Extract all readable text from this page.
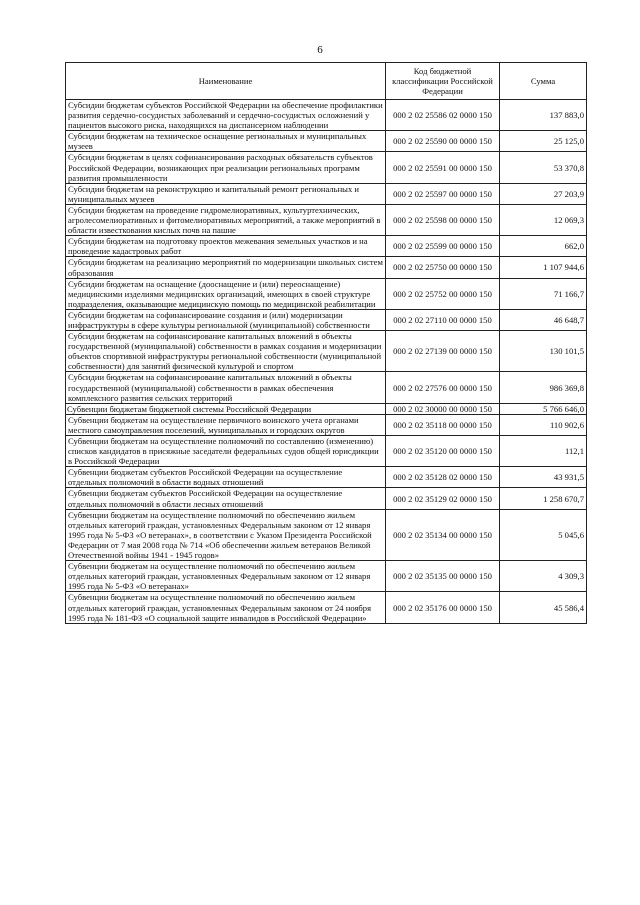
6
Наименование	Код бюджетной классификации Российской Федерации	Сумма
Субсидии бюджетам субъектов Российской Федерации на обеспечение профилактики развития сердечно-сосудистых заболеваний и сердечно-сосудистых осложнений у пациентов высокого риска, находящихся на диспансерном наблюдении	000 2 02 25586 02 0000 150	137 883,0
Субсидии бюджетам на техническое оснащение региональных и муниципальных музеев	000 2 02 25590 00 0000 150	25 125,0
Субсидии бюджетам в целях софинансирования расходных обязательств субъектов Российской Федерации, возникающих при реализации региональных программ развития промышленности	000 2 02 25591 00 0000 150	53 370,8
Субсидии бюджетам на реконструкцию и капитальный ремонт региональных и муниципальных музеев	000 2 02 25597 00 0000 150	27 203,9
Субсидии бюджетам на проведение гидромелиоративных, культуртехнических, агролесомелиоративных и фитомелиоративных мероприятий, а также мероприятий в области известкования кислых почв на пашне	000 2 02 25598 00 0000 150	12 069,3
Субсидии бюджетам на подготовку проектов межевания земельных участков и на проведение кадастровых работ	000 2 02 25599 00 0000 150	662,0
Субсидии бюджетам на реализацию мероприятий по модернизации школьных систем образования	000 2 02 25750 00 0000 150	1 107 944,6
Субсидии бюджетам на оснащение (дооснащение и (или) переоснащение) медицинскими изделиями медицинских организаций, имеющих в своей структуре подразделения, оказывающие медицинскую помощь по медицинской реабилитации	000 2 02 25752 00 0000 150	71 166,7
Субсидии бюджетам на софинансирование создания и (или) модернизации инфраструктуры в сфере культуры региональной (муниципальной) собственности	000 2 02 27110 00 0000 150	46 648,7
Субсидии бюджетам на софинансирование капитальных вложений в объекты государственной (муниципальной) собственности в рамках создания и модернизации объектов спортивной инфраструктуры региональной собственности (муниципальной собственности) для занятий физической культурой и спортом	000 2 02 27139 00 0000 150	130 101,5
Субсидии бюджетам на софинансирование капитальных вложений в объекты государственной (муниципальной) собственности в рамках обеспечения комплексного развития сельских территорий	000 2 02 27576 00 0000 150	986 369,8
Субвенции бюджетам бюджетной системы Российской Федерации	000 2 02 30000 00 0000 150	5 766 646,0
Субвенции бюджетам на осуществление первичного воинского учета органами местного самоуправления поселений, муниципальных и городских округов	000 2 02 35118 00 0000 150	110 902,6
Субвенции бюджетам на осуществление полномочий по составлению (изменению) списков кандидатов в присяжные заседатели федеральных судов общей юрисдикции в Российской Федерации	000 2 02 35120 00 0000 150	112,1
Субвенции бюджетам субъектов Российской Федерации на осуществление отдельных полномочий в области водных отношений	000 2 02 35128 02 0000 150	43 931,5
Субвенции бюджетам субъектов Российской Федерации на осуществление отдельных полномочий в области лесных отношений	000 2 02 35129 02 0000 150	1 258 670,7
Субвенции бюджетам на осуществление полномочий по обеспечению жильем отдельных категорий граждан, установленных Федеральным законом от 12 января 1995 года № 5-ФЗ «О ветеранах», в соответствии с Указом Президента Российской Федерации от 7 мая 2008 года № 714 «Об обеспечении жильем ветеранов Великой Отечественной войны 1941 - 1945 годов»	000 2 02 35134 00 0000 150	5 045,6
Субвенции бюджетам на осуществление полномочий по обеспечению жильем отдельных категорий граждан, установленных Федеральным законом от 12 января 1995 года № 5-ФЗ «О ветеранах»	000 2 02 35135 00 0000 150	4 309,3
Субвенции бюджетам на осуществление полномочий по обеспечению жильем отдельных категорий граждан, установленных Федеральным законом от 24 ноября 1995 года № 181-ФЗ «О социальной защите инвалидов в Российской Федерации»	000 2 02 35176 00 0000 150	45 586,4
